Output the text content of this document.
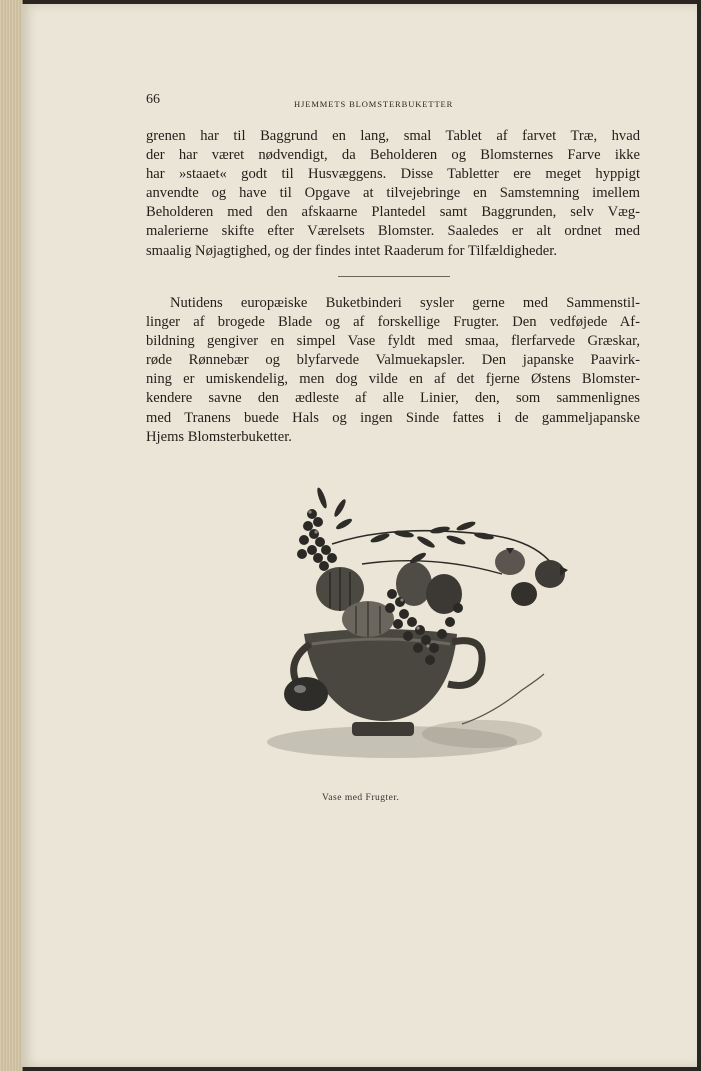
66	HJEMMETS BLOMSTERBUKETTER

grenen har til Baggrund en lang, smal Tablet af farvet Træ, hvad
der har været nødvendigt, da Beholderen og Blomsternes Farve ikke
har »staaet« godt til Husvæggens. Disse Tabletter ere meget hyppigt
anvendte og have til Opgave at tilvejebringe en Samstemning imellem
Beholderen med den afskaarne Plantedel samt Baggrunden, selv Væg-
malerierne skifte efter Værelsets Blomster. Saaledes er alt ordnet med
smaalig Nøjagtighed, og der findes intet Raaderum for Tilfældigheder.

Nutidens europæiske Buketbinderi sysler gerne med Sammenstil-
linger af brogede Blade og af forskellige Frugter. Den vedføjede Af-
bildning gengiver en simpel Vase fyldt med smaa, flerfarvede Græskar,
røde Rønnebær og blyfarvede Valmuekapsler. Den japanske Paavirk-
ning er umiskendelig, men dog vilde en af det fjerne Østens Blomster-
kendere savne den ædleste af alle Linier, den, som sammenlignes
med Tranens buede Hals og ingen Sinde fattes i de gammeljapanske
Hjems Blomsterbuketter.

Vase med Frugter.
